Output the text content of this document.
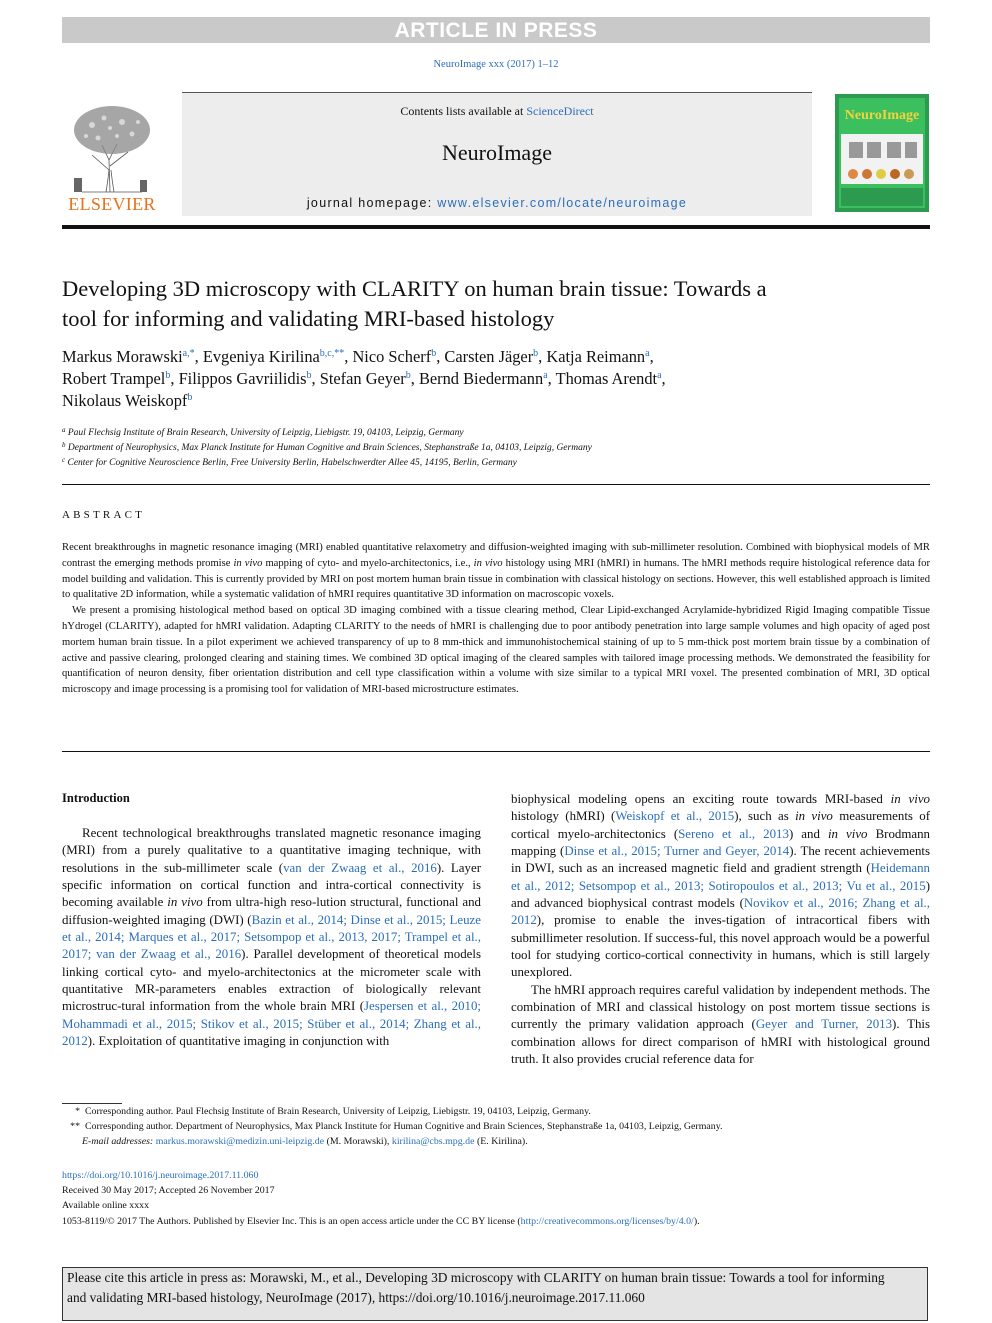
ARTICLE IN PRESS
NeuroImage xxx (2017) 1–12
ELSEVIER
Contents lists available at ScienceDirect
NeuroImage
journal homepage: www.elsevier.com/locate/neuroimage
NeuroImage
Developing 3D microscopy with CLARITY on human brain tissue: Towards a
tool for informing and validating MRI-based histology
Markus Morawski$^{a,*}$, Evgeniya Kirilina$^{b,c,**}$, Nico Scherf$^b$, Carsten Jäger$^b$, Katja Reimann$^a$,
Robert Trampel$^b$, Filippos Gavriilidis$^b$, Stefan Geyer$^b$, Bernd Biedermann$^a$, Thomas Arendt$^a$,
Nikolaus Weiskopf$^b$
$^a$ Paul Flechsig Institute of Brain Research, University of Leipzig, Liebigstr. 19, 04103, Leipzig, Germany
$^b$ Department of Neurophysics, Max Planck Institute for Human Cognitive and Brain Sciences, Stephanstraße 1a, 04103, Leipzig, Germany
$^c$ Center for Cognitive Neuroscience Berlin, Free University Berlin, Habelschwerdter Allee 45, 14195, Berlin, Germany
ABSTRACT

Recent breakthroughs in magnetic resonance imaging (MRI) enabled quantitative relaxometry and diffusion-weighted imaging with sub-millimeter resolution. Combined with biophysical models of MR contrast the emerging methods promise in vivo mapping of cyto- and myelo-architectonics, i.e., in vivo histology using MRI (hMRI) in humans. The hMRI methods require histological reference data for model building and validation. This is currently provided by MRI on post mortem human brain tissue in combination with classical histology on sections. However, this well established approach is limited to qualitative 2D information, while a systematic validation of hMRI requires quantitative 3D information on macroscopic voxels.

We present a promising histological method based on optical 3D imaging combined with a tissue clearing method, Clear Lipid-exchanged Acrylamide-hybridized Rigid Imaging compatible Tissue hYdrogel (CLARITY), adapted for hMRI validation. Adapting CLARITY to the needs of hMRI is challenging due to poor antibody penetration into large sample volumes and high opacity of aged post mortem human brain tissue. In a pilot experiment we achieved transparency of up to 8 mm-thick and immunohistochemical staining of up to 5 mm-thick post mortem brain tissue by a combination of active and passive clearing, prolonged clearing and staining times. We combined 3D optical imaging of the cleared samples with tailored image processing methods. We demonstrated the feasibility for quantification of neuron density, fiber orientation distribution and cell type classification within a volume with size similar to a typical MRI voxel. The presented combination of MRI, 3D optical microscopy and image processing is a promising tool for validation of MRI-based microstructure estimates.

Introduction

Recent technological breakthroughs translated magnetic resonance imaging (MRI) from a purely qualitative to a quantitative imaging technique, with resolutions in the sub-millimeter scale (van der Zwaag et al., 2016). Layer specific information on cortical function and intra-cortical connectivity is becoming available in vivo from ultra-high reso-lution structural, functional and diffusion-weighted imaging (DWI) (Bazin et al., 2014; Dinse et al., 2015; Leuze et al., 2014; Marques et al., 2017; Setsompop et al., 2013, 2017; Trampel et al., 2017; van der Zwaag et al., 2016). Parallel development of theoretical models linking cortical cyto- and myelo-architectonics at the micrometer scale with quantitative MR-parameters enables extraction of biologically relevant microstruc-tural information from the whole brain MRI (Jespersen et al., 2010; Mohammadi et al., 2015; Stikov et al., 2015; Stüber et al., 2014; Zhang et al., 2012). Exploitation of quantitative imaging in conjunction with

biophysical modeling opens an exciting route towards MRI-based in vivo histology (hMRI) (Weiskopf et al., 2015), such as in vivo measurements of cortical myelo-architectonics (Sereno et al., 2013) and in vivo Brodmann mapping (Dinse et al., 2015; Turner and Geyer, 2014). The recent achievements in DWI, such as an increased magnetic field and gradient strength (Heidemann et al., 2012; Setsompop et al., 2013; Sotiropoulos et al., 2013; Vu et al., 2015) and advanced biophysical contrast models (Novikov et al., 2016; Zhang et al., 2012), promise to enable the inves-tigation of intracortical fibers with submillimeter resolution. If success-ful, this novel approach would be a powerful tool for studying cortico-cortical connectivity in humans, which is still largely unexplored.

The hMRI approach requires careful validation by independent methods. The combination of MRI and classical histology on post mortem tissue sections is currently the primary validation approach (Geyer and Turner, 2013). This combination allows for direct comparison of hMRI with histological ground truth. It also provides crucial reference data for

* Corresponding author. Paul Flechsig Institute of Brain Research, University of Leipzig, Liebigstr. 19, 04103, Leipzig, Germany.
** Corresponding author. Department of Neurophysics, Max Planck Institute for Human Cognitive and Brain Sciences, Stephanstraße 1a, 04103, Leipzig, Germany.
E-mail addresses: markus.morawski@medizin.uni-leipzig.de (M. Morawski), kirilina@cbs.mpg.de (E. Kirilina).
https://doi.org/10.1016/j.neuroimage.2017.11.060
Received 30 May 2017; Accepted 26 November 2017
Available online xxxx
1053-8119/© 2017 The Authors. Published by Elsevier Inc. This is an open access article under the CC BY license (http://creativecommons.org/licenses/by/4.0/).
Please cite this article in press as: Morawski, M., et al., Developing 3D microscopy with CLARITY on human brain tissue: Towards a tool for informing
and validating MRI-based histology, NeuroImage (2017), https://doi.org/10.1016/j.neuroimage.2017.11.060
